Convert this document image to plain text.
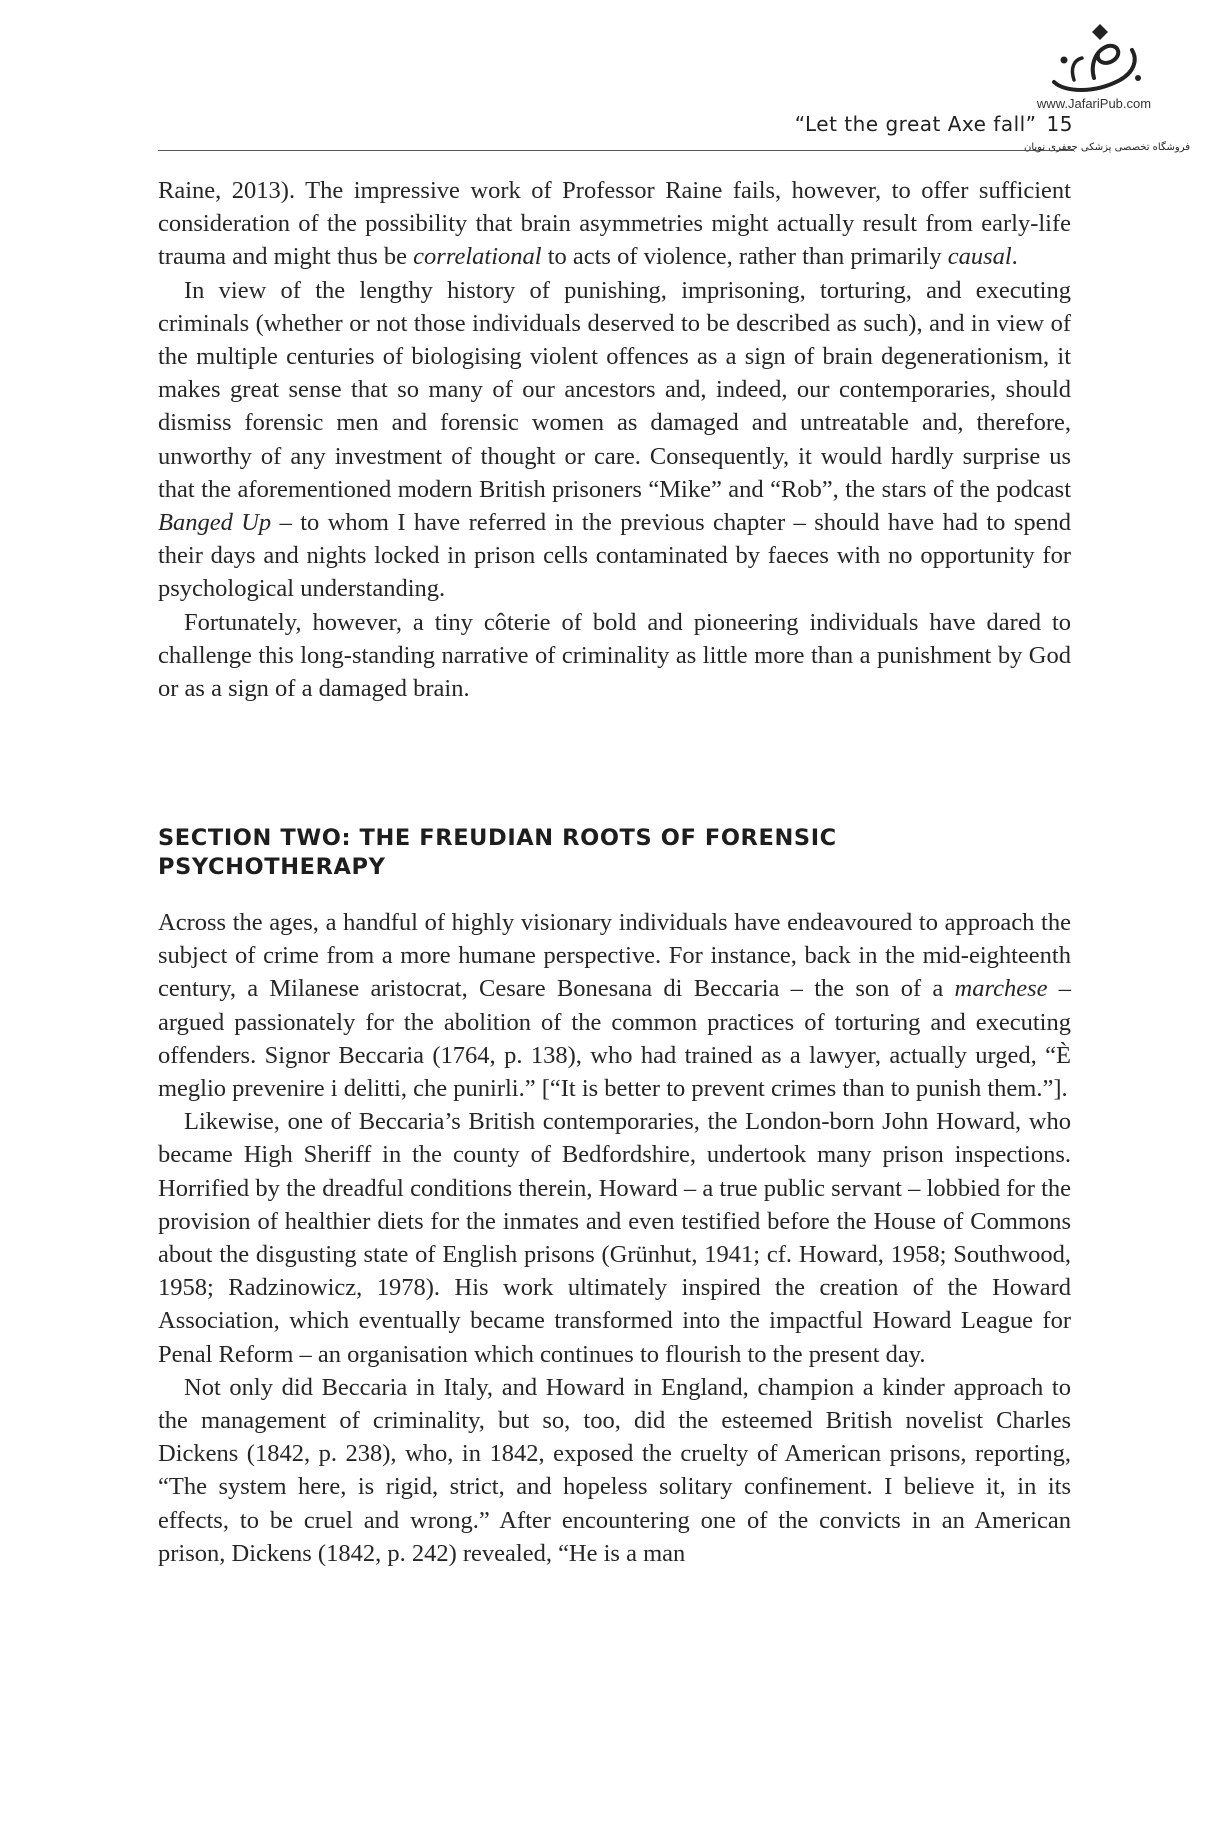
www.JafariPub.com
فروشگاه تخصصی پزشکی جعفری نویان
“Let the great Axe fall” 15

Raine, 2013). The impressive work of Professor Raine fails, however, to offer sufficient consideration of the possibility that brain asymmetries might actually result from early-life trauma and might thus be correlational to acts of violence, rather than primarily causal.

In view of the lengthy history of punishing, imprisoning, torturing, and executing criminals (whether or not those individuals deserved to be described as such), and in view of the multiple centuries of biologising violent offences as a sign of brain degenerationism, it makes great sense that so many of our ancestors and, indeed, our contemporaries, should dismiss forensic men and forensic women as damaged and untreatable and, therefore, unworthy of any investment of thought or care. Consequently, it would hardly surprise us that the aforementioned modern British prisoners “Mike” and “Rob”, the stars of the podcast Banged Up – to whom I have referred in the previous chapter – should have had to spend their days and nights locked in prison cells contaminated by faeces with no opportunity for psychological understanding.

Fortunately, however, a tiny côterie of bold and pioneering individuals have dared to challenge this long-standing narrative of criminality as little more than a punishment by God or as a sign of a damaged brain.

SECTION TWO: THE FREUDIAN ROOTS OF FORENSIC PSYCHOTHERAPY

Across the ages, a handful of highly visionary individuals have endeavoured to approach the subject of crime from a more humane perspective. For instance, back in the mid-eighteenth century, a Milanese aristocrat, Cesare Bonesana di Beccaria – the son of a marchese – argued passionately for the abolition of the common practices of torturing and executing offenders. Signor Beccaria (1764, p. 138), who had trained as a lawyer, actually urged, “È meglio prevenire i delitti, che punirli.” [“It is better to prevent crimes than to punish them.”].

Likewise, one of Beccaria’s British contemporaries, the London-born John Howard, who became High Sheriff in the county of Bedfordshire, undertook many prison inspections. Horrified by the dreadful conditions therein, Howard – a true public servant – lobbied for the provision of healthier diets for the inmates and even testified before the House of Commons about the disgusting state of English prisons (Grünhut, 1941; cf. Howard, 1958; Southwood, 1958; Radzinowicz, 1978). His work ultimately inspired the creation of the Howard Association, which eventually became transformed into the impactful Howard League for Penal Reform – an organisation which continues to flourish to the present day.

Not only did Beccaria in Italy, and Howard in England, champion a kinder approach to the management of criminality, but so, too, did the esteemed British novelist Charles Dickens (1842, p. 238), who, in 1842, exposed the cruelty of American prisons, reporting, “The system here, is rigid, strict, and hopeless solitary confinement. I believe it, in its effects, to be cruel and wrong.” After encountering one of the convicts in an American prison, Dickens (1842, p. 242) revealed, “He is a man
